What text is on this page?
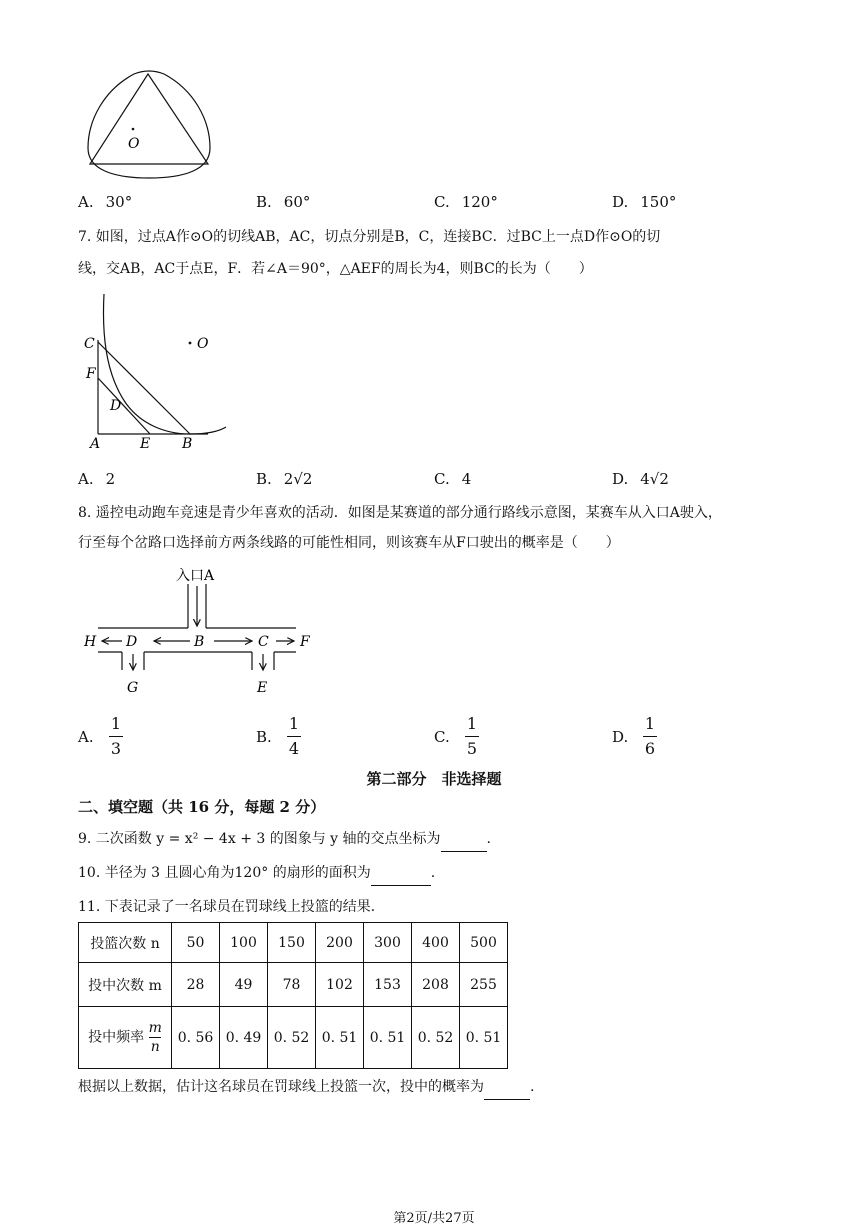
O
A. 30°	B. 60°	C. 120°	D. 150°
7. 如图，过点A作⊙O的切线AB，AC，切点分别是B，C，连接BC．过BC上一点D作⊙O的切
线，交AB，AC于点E，F．若∠A＝90°，△AEF的周长为4，则BC的长为（　　）
C
F
D
A	E B
O
A. 2	B. 2√2	C. 4	D. 4√2
8. 遥控电动跑车竞速是青少年喜欢的活动．如图是某赛道的部分通行路线示意图，某赛车从入口A驶入，
行至每个岔路口选择前方两条线路的可能性相同，则该赛车从F口驶出的概率是（　　）
入口A
H D	B	C F
G	E
A.
1
3
B.
1
4
C.
1
5
D.
1
6
第二部分　非选择题
二、填空题（共 16 分，每题 2 分）
9. 二次函数 y = x² − 4x + 3 的图象与 y 轴的交点坐标为	.
10. 半径为 3 且圆心角为120° 的扇形的面积为	.
11. 下表记录了一名球员在罚球线上投篮的结果．
投篮次数 n	50	100	150	200	300	400	500
投中次数 m	28	49	78	102	153	208	255
投中频率 $\frac{m}{n}$	0. 56	0. 49	0. 52	0. 51	0. 51	0. 52	0. 51
根据以上数据，估计这名球员在罚球线上投篮一次，投中的概率为	.
第2页/共27页
